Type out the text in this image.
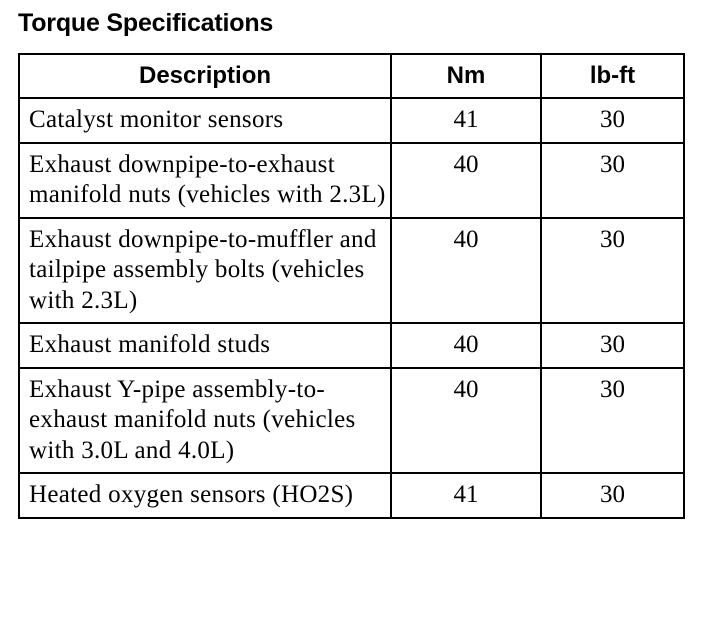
Torque Specifications
Description	Nm	lb-ft
Catalyst monitor sensors	41	30
Exhaust downpipe-to-exhaust manifold nuts (vehicles with 2.3L)	40	30
Exhaust downpipe-to-muffler and tailpipe assembly bolts (vehicles with 2.3L)	40	30
Exhaust manifold studs	40	30
Exhaust Y-pipe assembly-to-exhaust manifold nuts (vehicles with 3.0L and 4.0L)	40	30
Heated oxygen sensors (HO2S)	41	30
